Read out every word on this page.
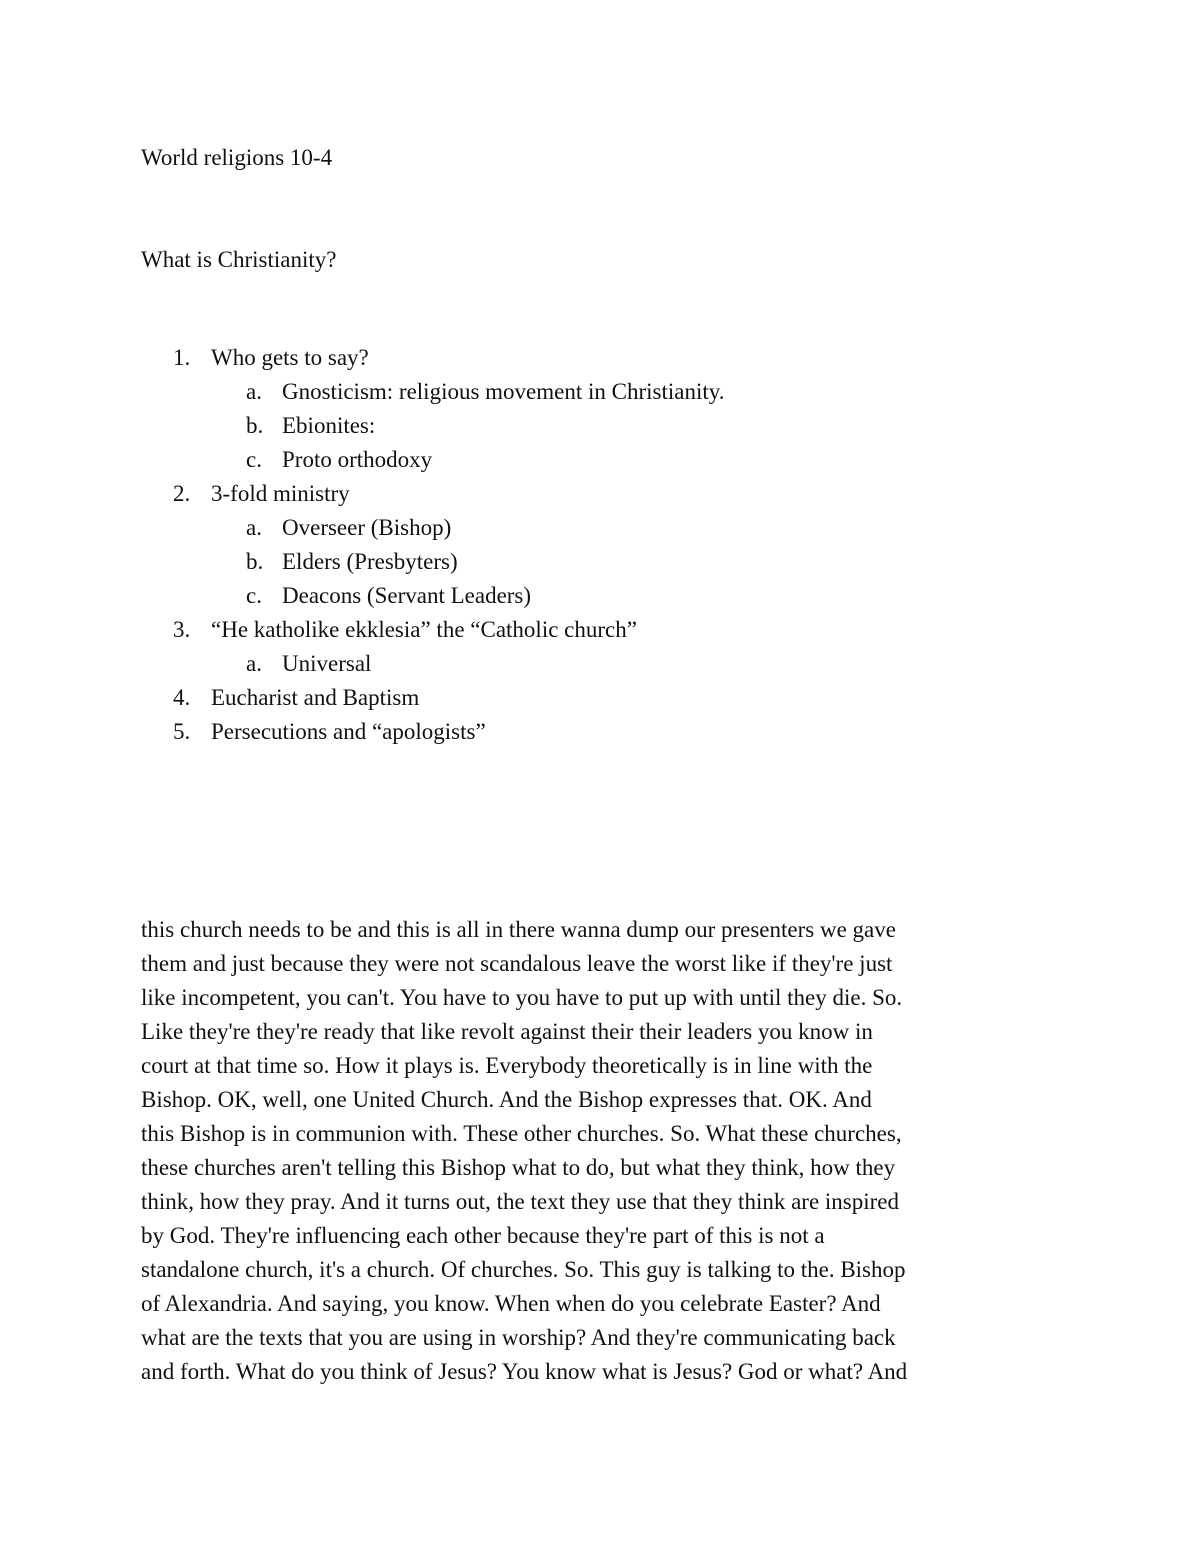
World religions 10-4
What is Christianity?
1. Who gets to say?
a. Gnosticism: religious movement in Christianity.
b. Ebionites:
c. Proto orthodoxy
2. 3-fold ministry
a. Overseer (Bishop)
b. Elders (Presbyters)
c. Deacons (Servant Leaders)
3. “He katholike ekklesia” the “Catholic church”
a. Universal
4. Eucharist and Baptism
5. Persecutions and “apologists”
this church needs to be and this is all in there wanna dump our presenters we gave
them and just because they were not scandalous leave the worst like if they're just
like incompetent, you can't. You have to you have to put up with until they die. So.
Like they're they're ready that like revolt against their their leaders you know in
court at that time so. How it plays is. Everybody theoretically is in line with the
Bishop. OK, well, one United Church. And the Bishop expresses that. OK. And
this Bishop is in communion with. These other churches. So. What these churches,
these churches aren't telling this Bishop what to do, but what they think, how they
think, how they pray. And it turns out, the text they use that they think are inspired
by God. They're influencing each other because they're part of this is not a
standalone church, it's a church. Of churches. So. This guy is talking to the. Bishop
of Alexandria. And saying, you know. When when do you celebrate Easter? And
what are the texts that you are using in worship? And they're communicating back
and forth. What do you think of Jesus? You know what is Jesus? God or what? And
